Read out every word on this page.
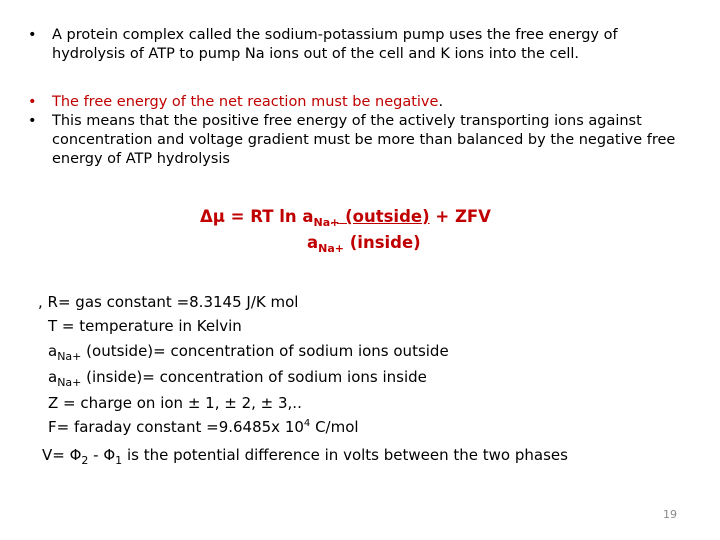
• A protein complex called the sodium-potassium pump uses the free energy of hydrolysis of ATP to pump Na ions out of the cell and K ions into the cell.
• The free energy of the net reaction must be negative.
• This means that the positive free energy of the actively transporting ions against concentration and voltage gradient must be more than balanced by the negative free energy of ATP hydrolysis
Δμ = RT $\ln a_{Na+}$ (outside) + ZFV
$a_{Na+}$ (inside)
, R= gas constant =8.3145 J/K mol
T = temperature in Kelvin
$a_{Na+}$ (outside)= concentration of sodium ions outside
$a_{Na+}$ (inside)= concentration of sodium ions inside
Z = charge on ion ± 1, ± 2, ± 3,..
F= faraday constant =9.6485x $10^4$ C/mol
$V= \Phi_2 - \Phi_1$ is the potential difference in volts between the two phases
19
